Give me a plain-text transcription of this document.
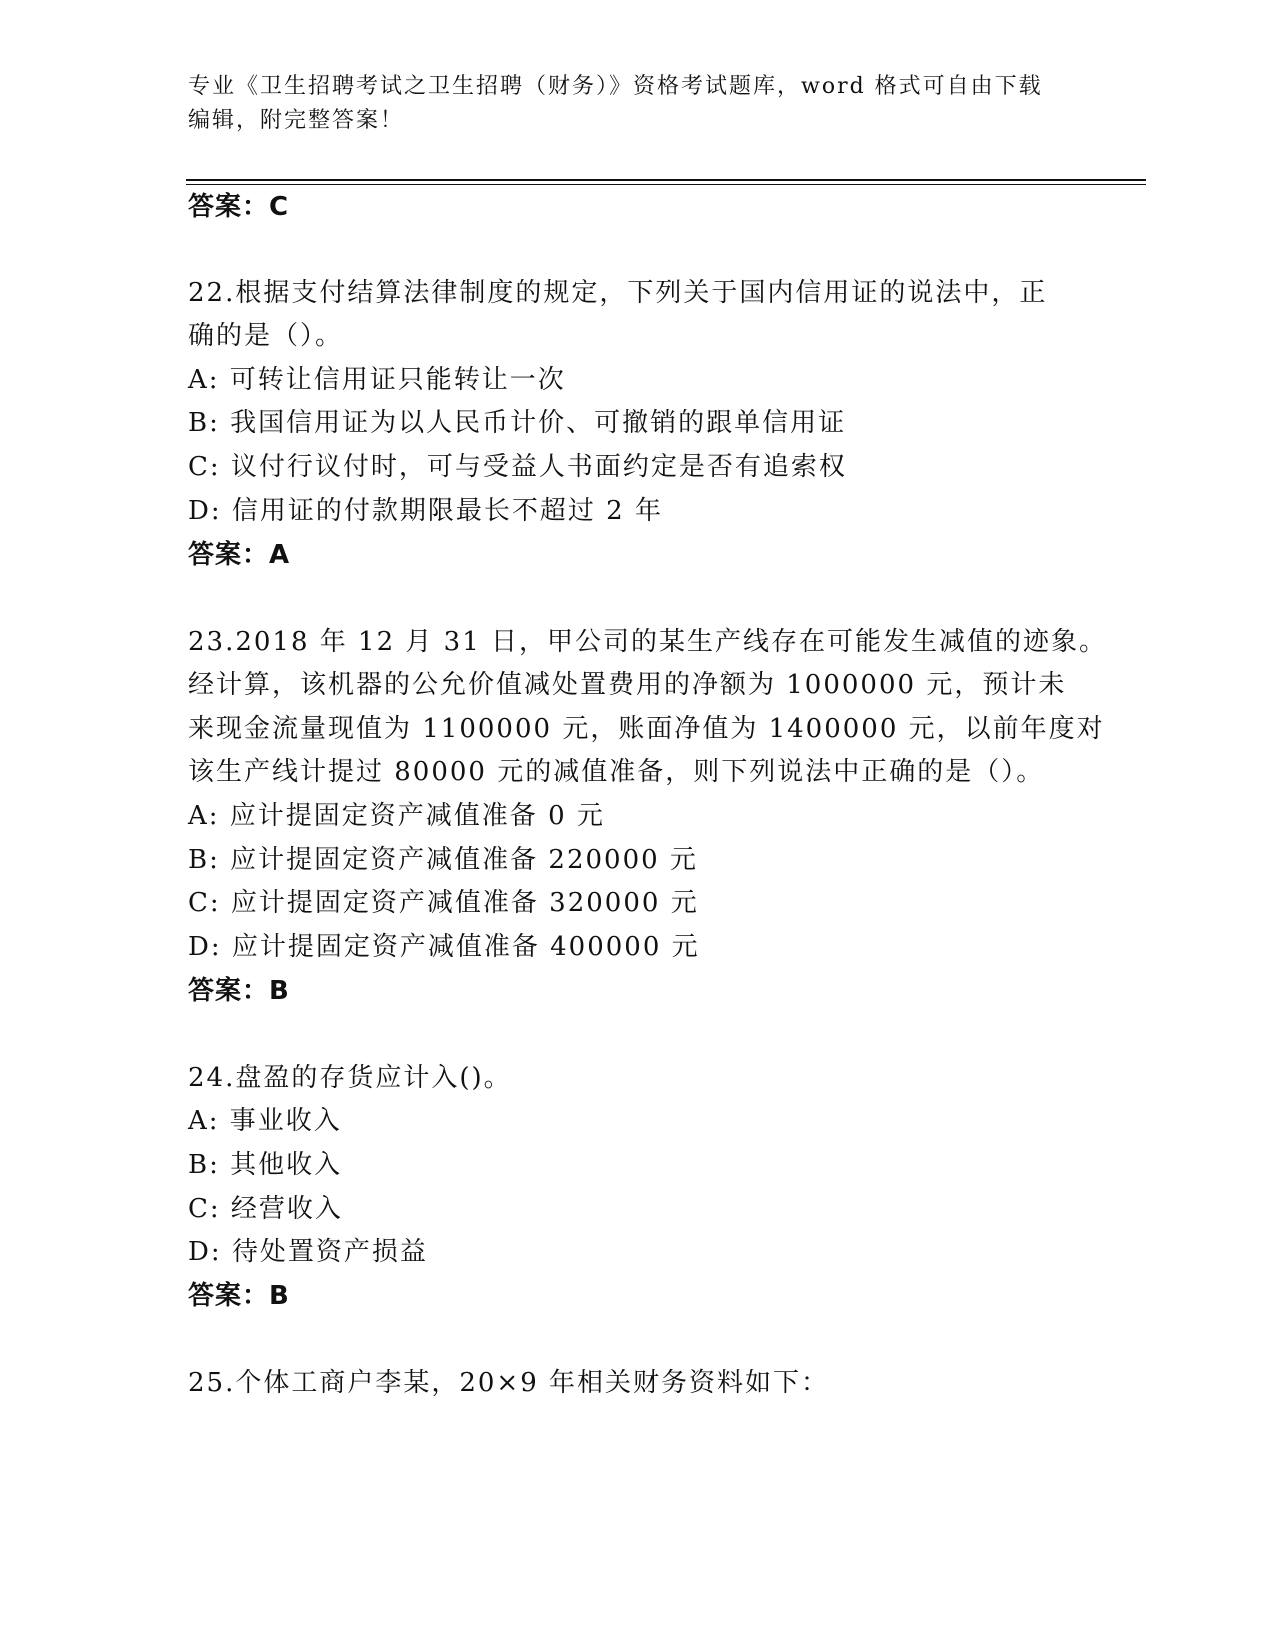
专业《卫生招聘考试之卫生招聘（财务）》资格考试题库，word 格式可自由下载
编辑，附完整答案！
答案：C
22.根据支付结算法律制度的规定，下列关于国内信用证的说法中，正
确的是（）。
A: 可转让信用证只能转让一次
B: 我国信用证为以人民币计价、可撤销的跟单信用证
C: 议付行议付时，可与受益人书面约定是否有追索权
D: 信用证的付款期限最长不超过 2 年
答案：A
23.2018 年 12 月 31 日，甲公司的某生产线存在可能发生减值的迹象。
经计算，该机器的公允价值减处置费用的净额为 1000000 元，预计未
来现金流量现值为 1100000 元，账面净值为 1400000 元，以前年度对
该生产线计提过 80000 元的减值准备，则下列说法中正确的是（）。
A: 应计提固定资产减值准备 0 元
B: 应计提固定资产减值准备 220000 元
C: 应计提固定资产减值准备 320000 元
D: 应计提固定资产减值准备 400000 元
答案：B
24.盘盈的存货应计入()。
A: 事业收入
B: 其他收入
C: 经营收入
D: 待处置资产损益
答案：B
25.个体工商户李某，20×9 年相关财务资料如下：
